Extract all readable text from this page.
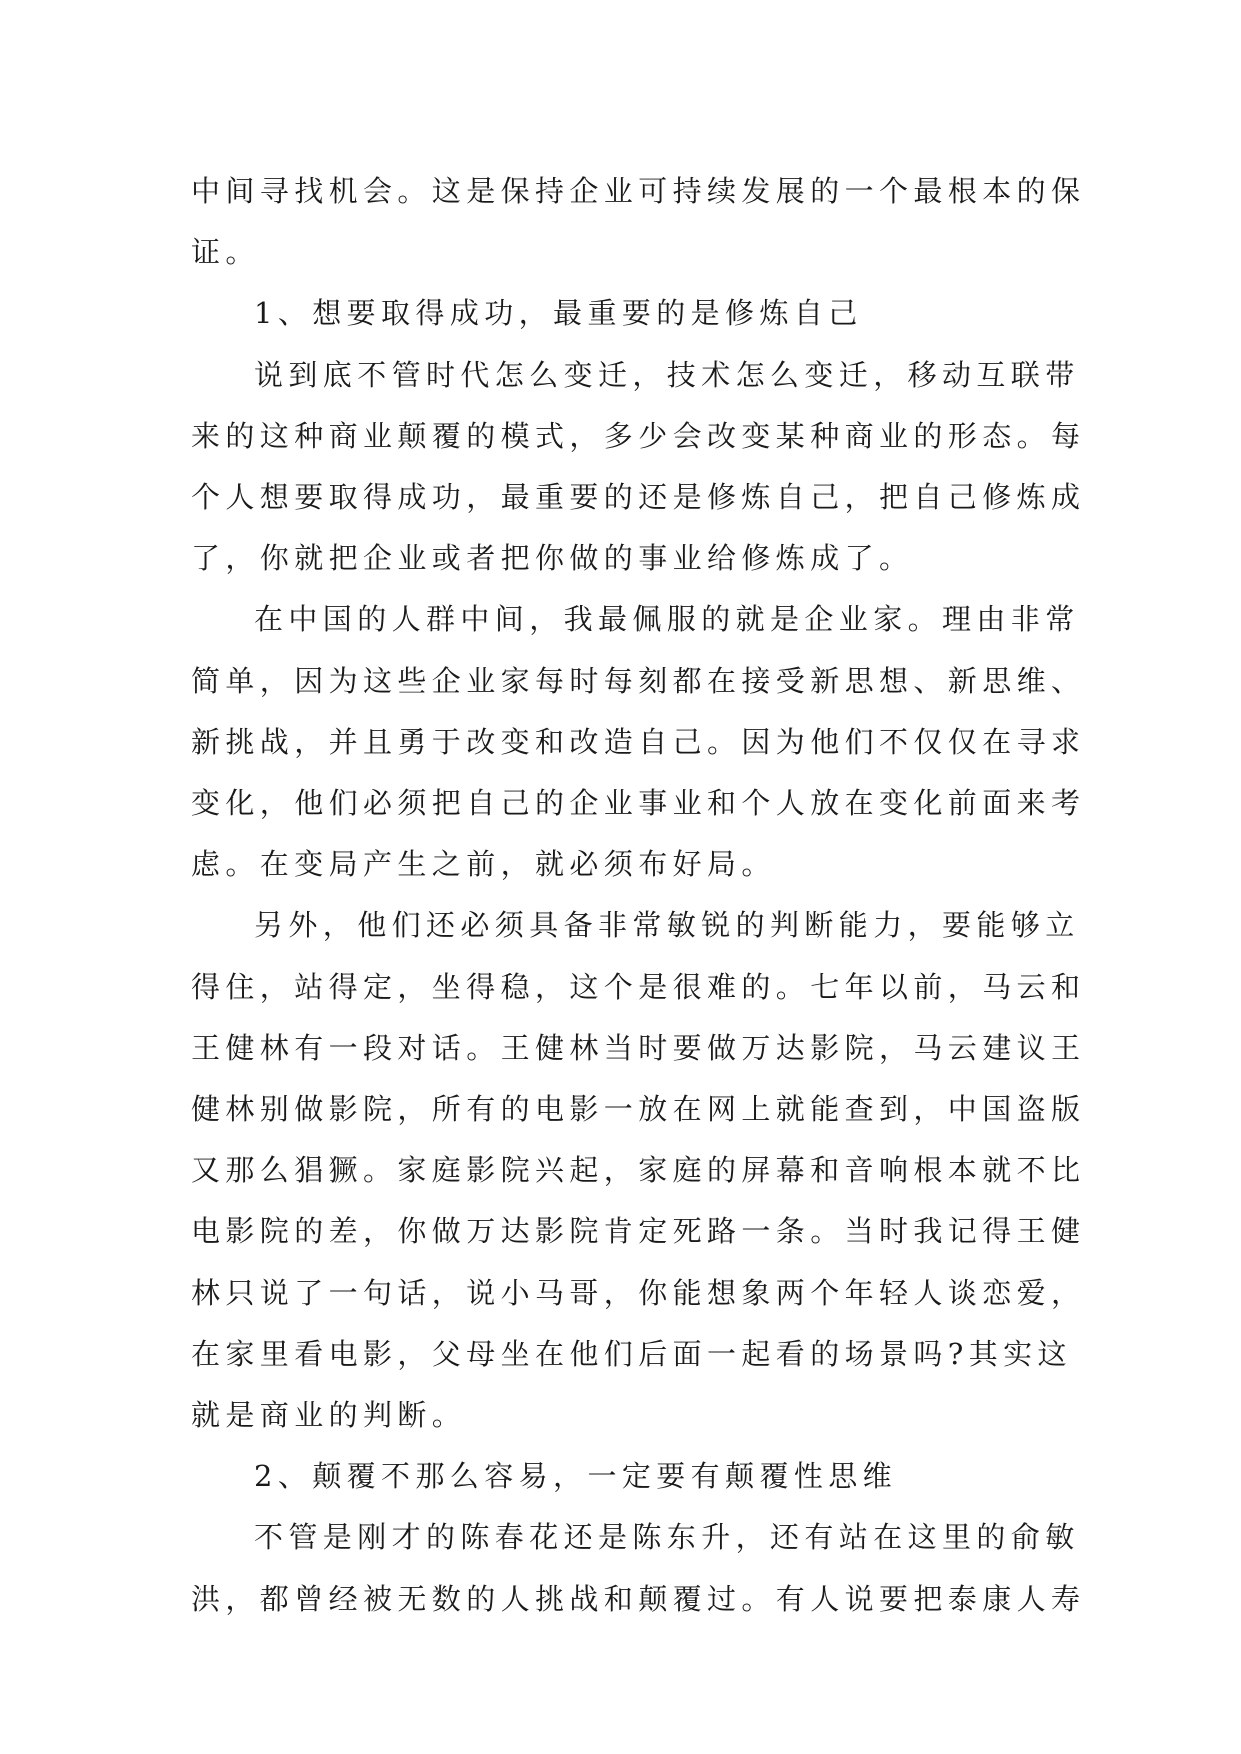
中间寻找机会。这是保持企业可持续发展的一个最根本的保
证。

1、想要取得成功，最重要的是修炼自己

说到底不管时代怎么变迁，技术怎么变迁，移动互联带
来的这种商业颠覆的模式，多少会改变某种商业的形态。每
个人想要取得成功，最重要的还是修炼自己，把自己修炼成
了，你就把企业或者把你做的事业给修炼成了。

在中国的人群中间，我最佩服的就是企业家。理由非常
简单，因为这些企业家每时每刻都在接受新思想、新思维、
新挑战，并且勇于改变和改造自己。因为他们不仅仅在寻求
变化，他们必须把自己的企业事业和个人放在变化前面来考
虑。在变局产生之前，就必须布好局。

另外，他们还必须具备非常敏锐的判断能力，要能够立
得住，站得定，坐得稳，这个是很难的。七年以前，马云和
王健林有一段对话。王健林当时要做万达影院，马云建议王
健林别做影院，所有的电影一放在网上就能查到，中国盗版
又那么猖獗。家庭影院兴起，家庭的屏幕和音响根本就不比
电影院的差，你做万达影院肯定死路一条。当时我记得王健
林只说了一句话，说小马哥，你能想象两个年轻人谈恋爱，
在家里看电影，父母坐在他们后面一起看的场景吗?其实这
就是商业的判断。

2、颠覆不那么容易，一定要有颠覆性思维

不管是刚才的陈春花还是陈东升，还有站在这里的俞敏
洪，都曾经被无数的人挑战和颠覆过。有人说要把泰康人寿
